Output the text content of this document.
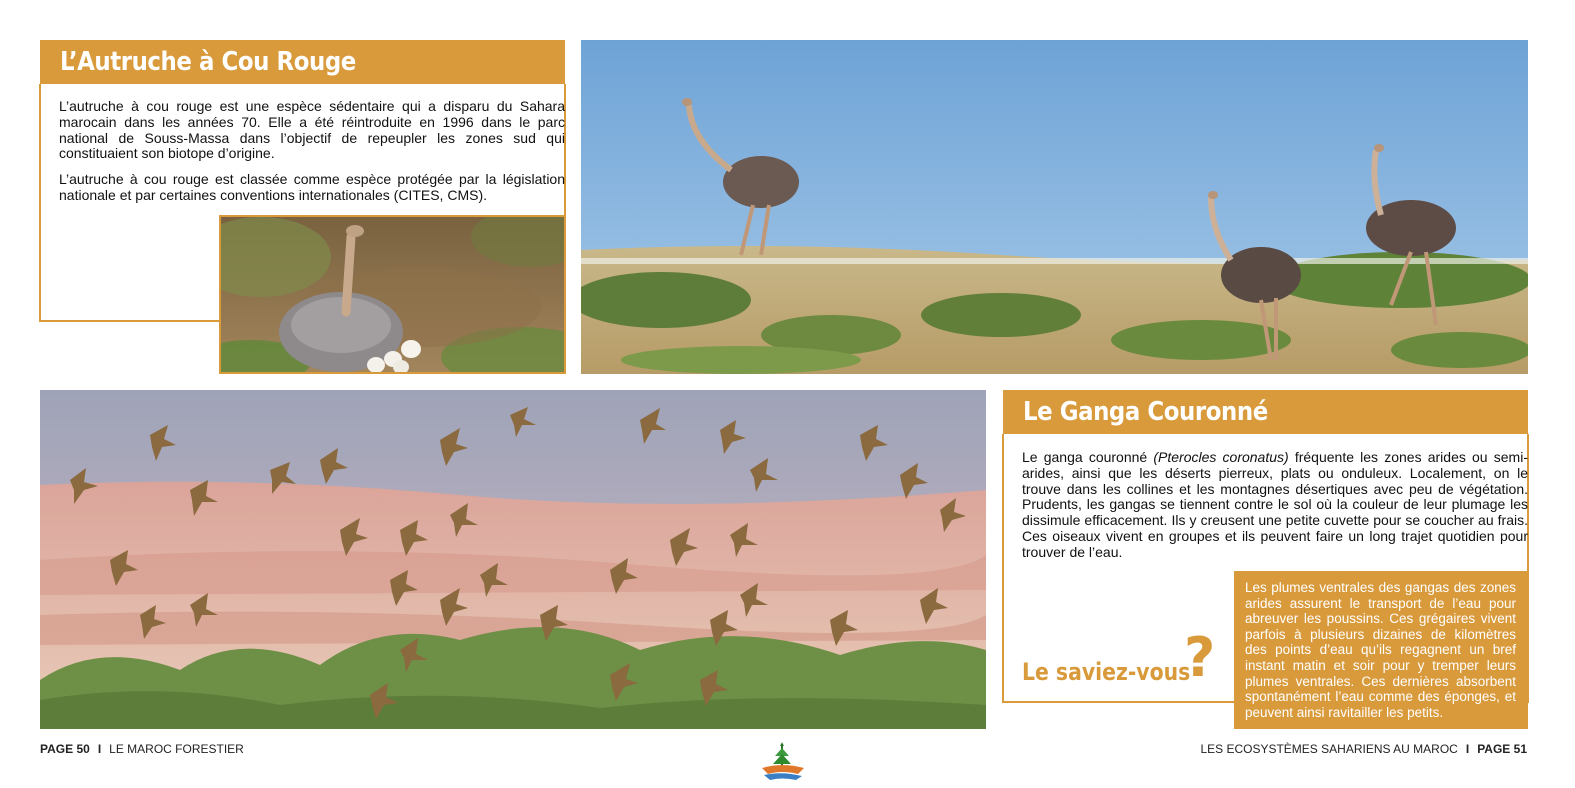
L’Autruche à Cou Rouge

L’autruche à cou rouge est une espèce sédentaire qui a disparu du Sahara marocain dans les années 70. Elle a été réintroduite en 1996 dans le parc national de Souss-Massa dans l’objectif de repeupler les zones sud qui constituaient son biotope d’origine.

L’autruche à cou rouge est classée comme espèce protégée par la législation nationale et par certaines conventions internationales (CITES, CMS).

Le Ganga Couronné

Le ganga couronné (Pterocles coronatus) fréquente les zones arides ou semi-arides, ainsi que les déserts pierreux, plats ou onduleux. Localement, on le trouve dans les collines et les montagnes désertiques avec peu de végétation. Prudents, les gangas se tiennent contre le sol où la couleur de leur plumage les dissimule efficacement. Ils y creusent une petite cuvette pour se coucher au frais. Ces oiseaux vivent en groupes et ils peuvent faire un long trajet quotidien pour trouver de l’eau.

Le saviez-vous
?

Les plumes ventrales des gangas des zones arides assurent le transport de l’eau pour abreuver les poussins. Ces grégaires vivent parfois à plusieurs dizaines de kilomètres des points d’eau qu’ils regagnent un bref instant matin et soir pour y tremper leurs plumes ventrales. Ces dernières absorbent spontanément l’eau comme des éponges, et peuvent ainsi ravitailler les petits.

PAGE 50 I LE MAROC FORESTIER	LES ECOSYSTÈMES SAHARIENS AU MAROC I PAGE 51
